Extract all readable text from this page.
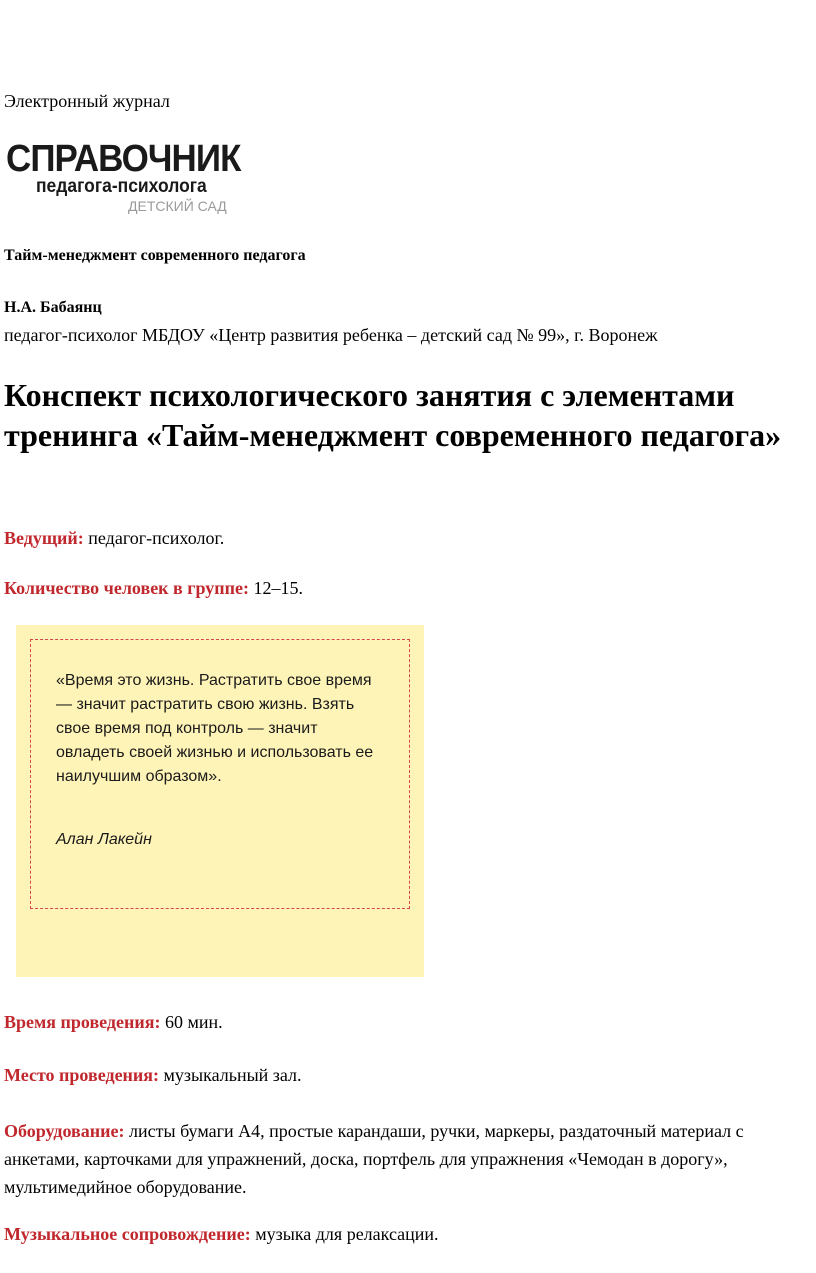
Электронный журнал
СПРАВОЧНИК
педагога-психолога
ДЕТСКИЙ САД
Тайм-менеджмент современного педагога
Н.А. Бабаянц
педагог-психолог МБДОУ «Центр развития ребенка – детский сад № 99», г. Воронеж
Конспект психологического занятия с элементами тренинга «Тайм-менеджмент современного педагога»
Ведущий: педагог-психолог.
Количество человек в группе: 12–15.
«Время это жизнь. Растратить свое время — значит растратить свою жизнь. Взять свое время под контроль — значит овладеть своей жизнью и использовать ее наилучшим образом».
Алан Лакейн
Время проведения: 60 мин.
Место проведения: музыкальный зал.
Оборудование: листы бумаги А4, простые карандаши, ручки, маркеры, раздаточный материал с анкетами, карточками для упражнений, доска, портфель для упражнения «Чемодан в дорогу», мультимедийное оборудование.
Музыкальное сопровождение: музыка для релаксации.
